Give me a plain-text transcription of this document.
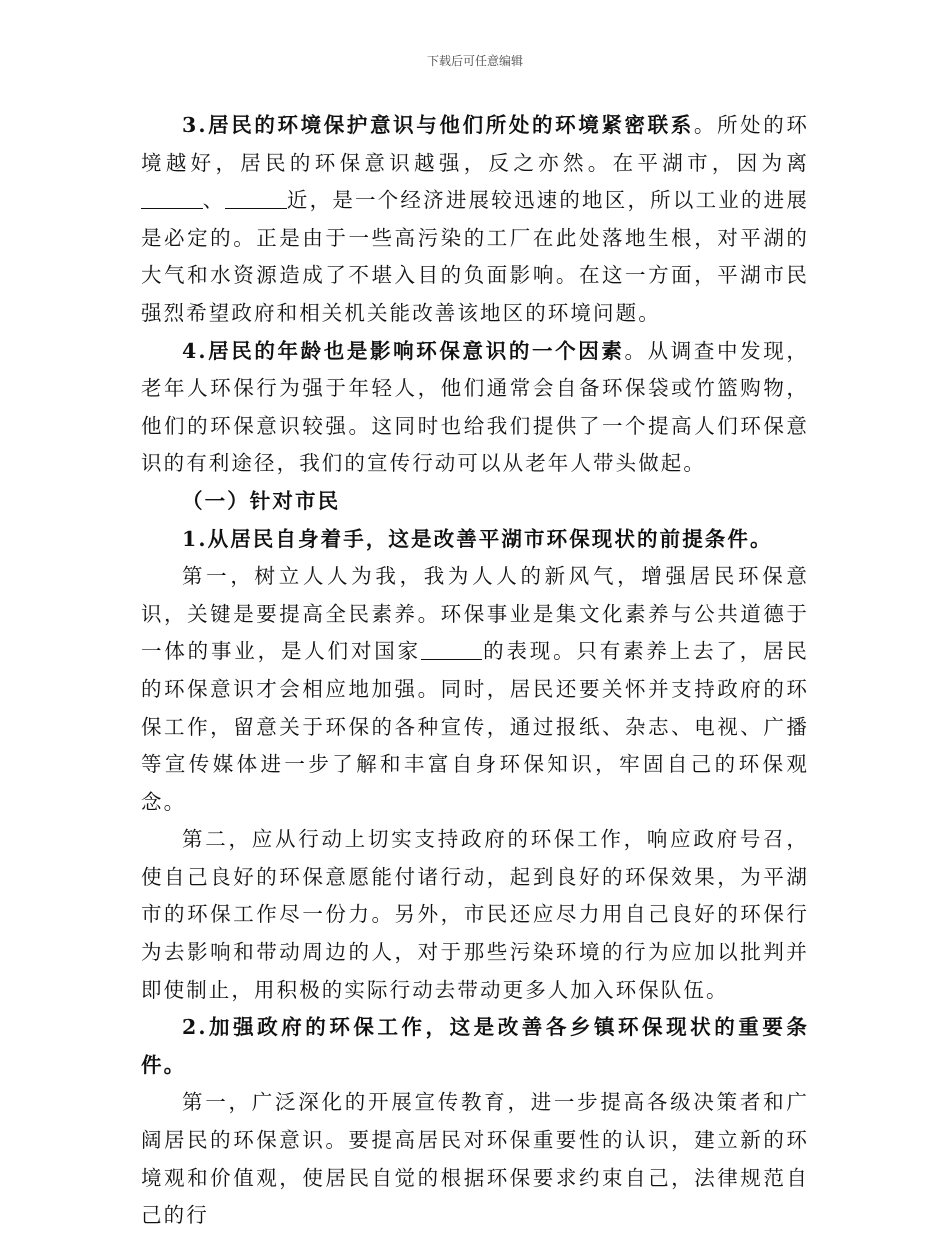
下载后可任意编辑

3.居民的环境保护意识与他们所处的环境紧密联系。所处的环境越好，居民的环保意识越强，反之亦然。在平湖市，因为离、	近，是一个经济进展较迅速的地区，所以工业的进展是必定的。正是由于一些高污染的工厂在此处落地生根，对平湖的大气和水资源造成了不堪入目的负面影响。在这一方面，平湖市民强烈希望政府和相关机关能改善该地区的环境问题。

4.居民的年龄也是影响环保意识的一个因素。从调查中发现，老年人环保行为强于年轻人，他们通常会自备环保袋或竹篮购物，他们的环保意识较强。这同时也给我们提供了一个提高人们环保意识的有利途径，我们的宣传行动可以从老年人带头做起。

（一）针对市民

1.从居民自身着手，这是改善平湖市环保现状的前提条件。

第一，树立人人为我，我为人人的新风气，增强居民环保意识，关键是要提高全民素养。环保事业是集文化素养与公共道德于一体的事业，是人们对国家	的表现。只有素养上去了，居民的环保意识才会相应地加强。同时，居民还要关怀并支持政府的环保工作，留意关于环保的各种宣传，通过报纸、杂志、电视、广播等宣传媒体进一步了解和丰富自身环保知识，牢固自己的环保观念。

第二，应从行动上切实支持政府的环保工作，响应政府号召，使自己良好的环保意愿能付诸行动，起到良好的环保效果，为平湖市的环保工作尽一份力。另外，市民还应尽力用自己良好的环保行为去影响和带动周边的人，对于那些污染环境的行为应加以批判并即使制止，用积极的实际行动去带动更多人加入环保队伍。

2.加强政府的环保工作，这是改善各乡镇环保现状的重要条件。

第一，广泛深化的开展宣传教育，进一步提高各级决策者和广阔居民的环保意识。要提高居民对环保重要性的认识，建立新的环境观和价值观，使居民自觉的根据环保要求约束自己，法律规范自己的行
